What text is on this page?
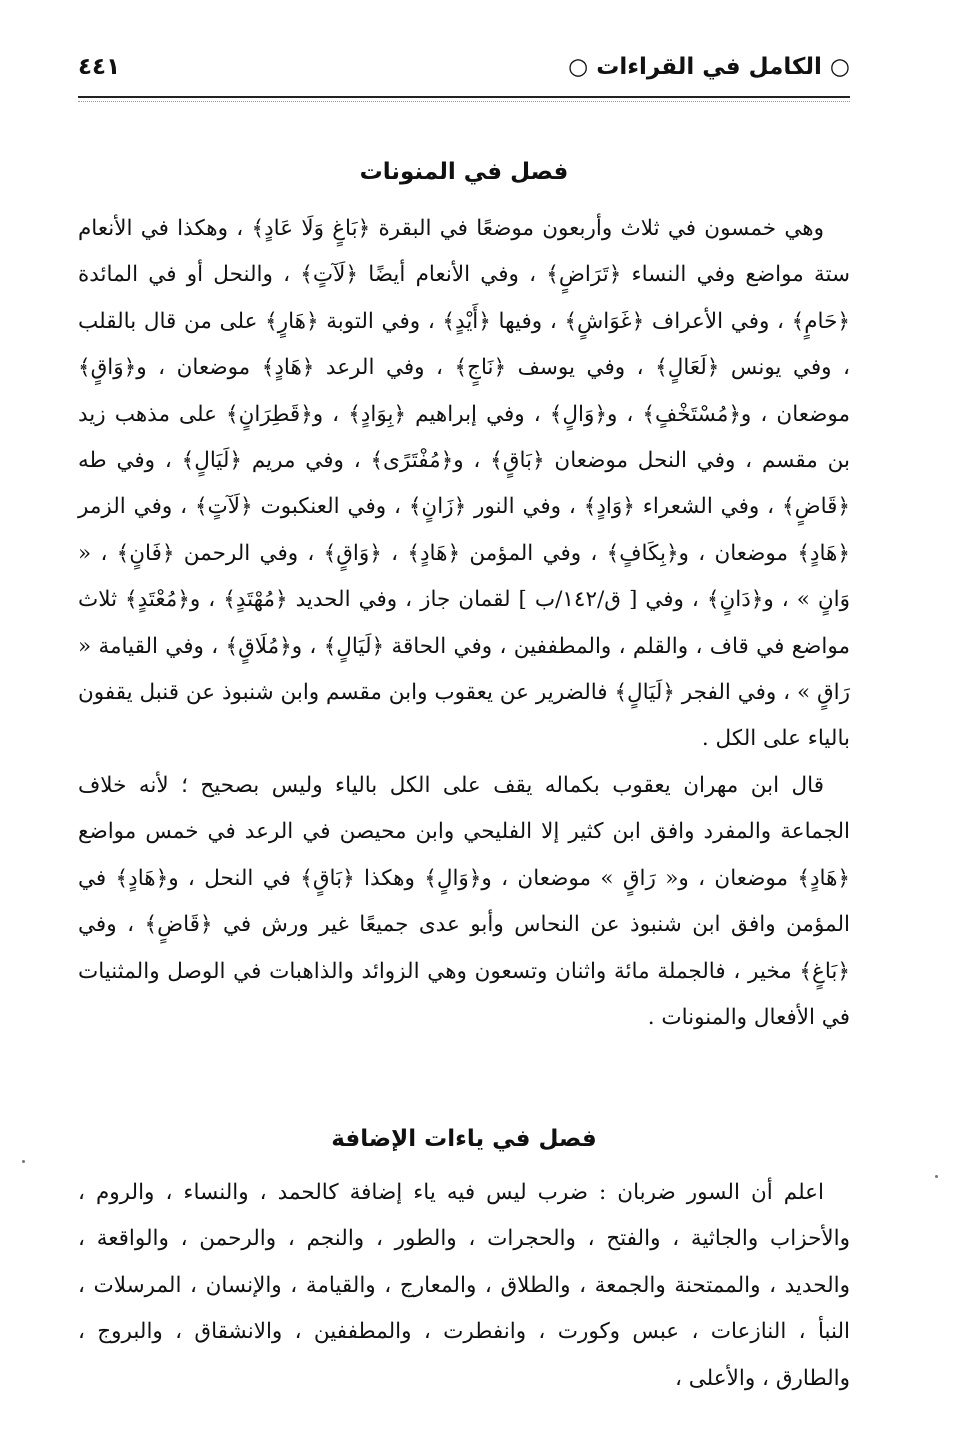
○ الكامل في القراءات ○
٤٤١
فصل في المنونات

وهي خمسون في ثلاث وأربعون موضعًا في البقرة ﴿بَاغٍ وَلَا عَادٍ﴾ ، وهكذا في الأنعام ستة مواضع وفي النساء ﴿تَرَاضٍ﴾ ، وفي الأنعام أيضًا ﴿لَآتٍ﴾ ، والنحل أو في المائدة ﴿حَامٍ﴾ ، وفي الأعراف ﴿غَوَاشٍ﴾ ، وفيها ﴿أَيْدٍ﴾ ، وفي التوبة ﴿هَارٍ﴾ على من قال بالقلب ، وفي يونس ﴿لَعَالٍ﴾ ، وفي يوسف ﴿نَاجٍ﴾ ، وفي الرعد ﴿هَادٍ﴾ موضعان ، و﴿وَاقٍ﴾ موضعان ، و﴿مُسْتَخْفٍ﴾ ، و﴿وَالٍ﴾ ، وفي إبراهيم ﴿بِوَادٍ﴾ ، و﴿قَطِرَانٍ﴾ على مذهب زيد بن مقسم ، وفي النحل موضعان ﴿بَاقٍ﴾ ، و﴿مُفْتَرًى﴾ ، وفي مريم ﴿لَيَالٍ﴾ ، وفي طه ﴿قَاضٍ﴾ ، وفي الشعراء ﴿وَادٍ﴾ ، وفي النور ﴿زَانٍ﴾ ، وفي العنكبوت ﴿لَآتٍ﴾ ، وفي الزمر ﴿هَادٍ﴾ موضعان ، و﴿بِكَافٍ﴾ ، وفي المؤمن ﴿هَادٍ﴾ ، ﴿وَاقٍ﴾ ، وفي الرحمن ﴿فَانٍ﴾ ، « وَانٍ » ، و﴿دَانٍ﴾ ، وفي [ ق/١٤٢/ب ] لقمان جاز ، وفي الحديد ﴿مُهْتَدٍ﴾ ، و﴿مُعْتَدٍ﴾ ثلاث مواضع في قاف ، والقلم ، والمطففين ، وفي الحاقة ﴿لَيَالٍ﴾ ، و﴿مُلَاقٍ﴾ ، وفي القيامة « رَاقٍ » ، وفي الفجر ﴿لَيَالٍ﴾ فالضرير عن يعقوب وابن مقسم وابن شنبوذ عن قنبل يقفون بالياء على الكل .

قال ابن مهران يعقوب بكماله يقف على الكل بالياء وليس بصحيح ؛ لأنه خلاف الجماعة والمفرد وافق ابن كثير إلا الفليحي وابن محيصن في الرعد في خمس مواضع ﴿هَادٍ﴾ موضعان ، و« رَاقٍ » موضعان ، و﴿وَالٍ﴾ وهكذا ﴿بَاقٍ﴾ في النحل ، و﴿هَادٍ﴾ في المؤمن وافق ابن شنبوذ عن النحاس وأبو عدى جميعًا غير ورش في ﴿قَاضٍ﴾ ، وفي ﴿بَاغٍ﴾ مخير ، فالجملة مائة واثنان وتسعون وهي الزوائد والذاهبات في الوصل والمثنيات في الأفعال والمنونات .

فصل في ياءات الإضافة

اعلم أن السور ضربان : ضرب ليس فيه ياء إضافة كالحمد ، والنساء ، والروم ، والأحزاب والجاثية ، والفتح ، والحجرات ، والطور ، والنجم ، والرحمن ، والواقعة ، والحديد ، والممتحنة والجمعة ، والطلاق ، والمعارج ، والقيامة ، والإنسان ، المرسلات ، النبأ ، النازعات ، عبس وكورت ، وانفطرت ، والمطففين ، والانشقاق ، والبروج ، والطارق ، والأعلى ،
